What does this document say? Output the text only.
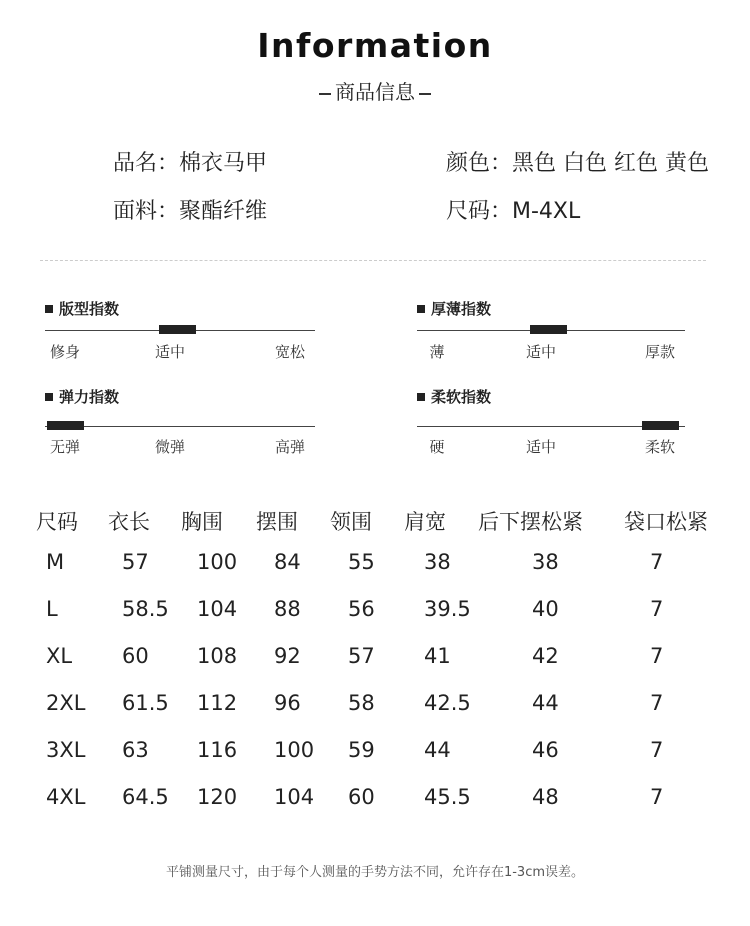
Information
商品信息
品名：棉衣马甲	颜色：黑色 白色 红色 黄色
面料：聚酯纤维	尺码：M-4XL
版型指数
修身	适中	宽松
厚薄指数
薄	适中	厚款
弹力指数
无弹	微弹	高弹
柔软指数
硬	适中	柔软
尺码 衣长 胸围 摆围 领围 肩宽 后下摆松紧 袋口松紧
M	57 100 84 55 38	38	7
L	58.5 104 88 56 39.5	40	7
XL 60 108 92 57 41	42	7
2XL 61.5 112 96 58 42.5	44	7
3XL 63 116 100 59 44	46	7
4XL 64.5 120 104 60 45.5	48	7
平铺测量尺寸，由于每个人测量的手势方法不同，允许存在1-3cm误差。
